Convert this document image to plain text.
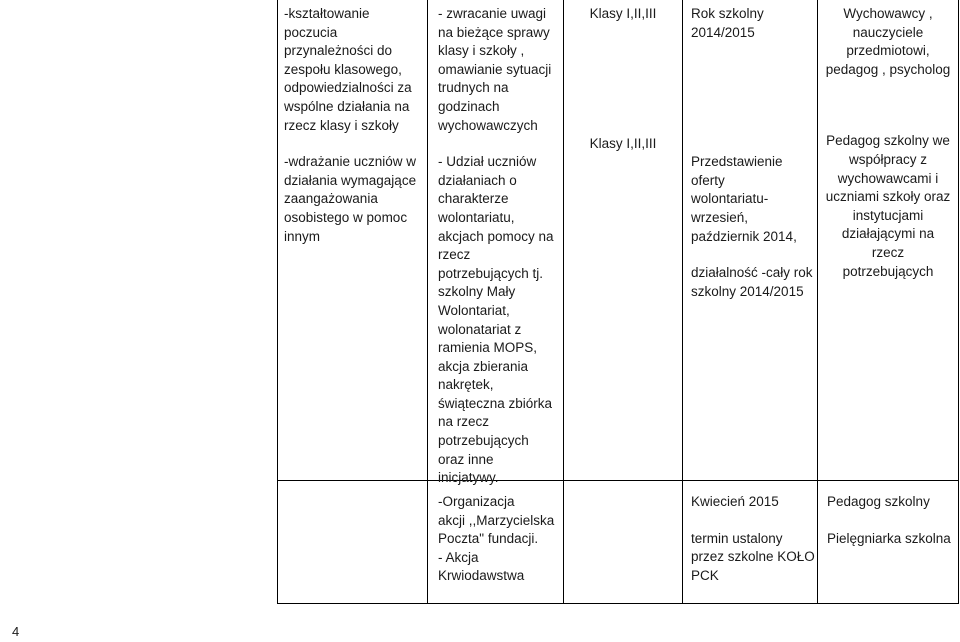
-kształtowanie
poczucia
przynależności do
zespołu klasowego,
odpowiedzialności za
wspólne działania na
rzecz klasy i szkoły
-wdrażanie uczniów w
działania wymagające
zaangażowania
osobistego w pomoc
innym
- zwracanie uwagi
na bieżące sprawy
klasy i szkoły ,
omawianie sytuacji
trudnych na
godzinach
wychowawczych
- Udział uczniów
działaniach o
charakterze
wolontariatu,
akcjach pomocy na
rzecz
potrzebujących tj.
szkolny Mały
Wolontariat,
wolonatariat z
ramienia MOPS,
akcja zbierania
nakrętek,
świąteczna zbiórka
na rzecz
potrzebujących
oraz inne
inicjatywy.
Klasy I,II,III
Klasy I,II,III
Rok szkolny
2014/2015
Przedstawienie
oferty
wolontariatu-
wrzesień,
październik 2014,
działalność -cały rok
szkolny 2014/2015
Wychowawcy ,
nauczyciele
przedmiotowi,
pedagog , psycholog
Pedagog szkolny we
współpracy z
wychowawcami i
uczniami szkoły oraz
instytucjami
działającymi na
rzecz
potrzebujących
-Organizacja
akcji ,,Marzycielska
Poczta" fundacji.
- Akcja
Krwiodawstwa
Kwiecień 2015
termin ustalony
przez szkolne KOŁO
PCK
Pedagog szkolny
Pielęgniarka szkolna
4
